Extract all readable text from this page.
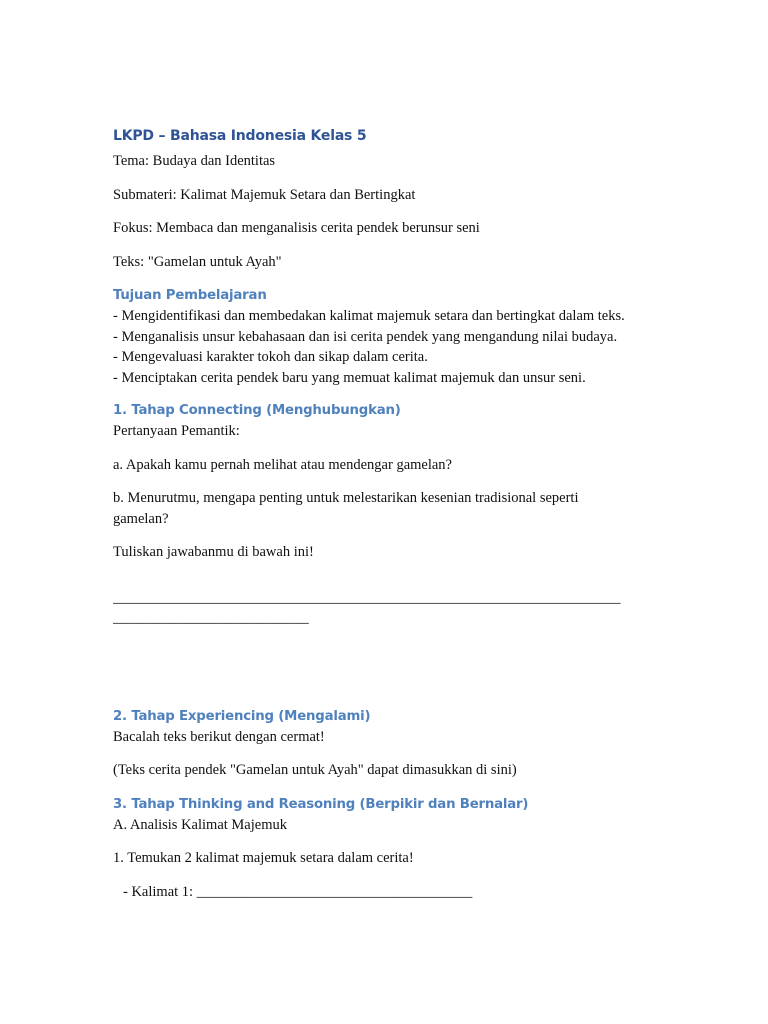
LKPD – Bahasa Indonesia Kelas 5

Tema: Budaya dan Identitas

Submateri: Kalimat Majemuk Setara dan Bertingkat

Fokus: Membaca dan menganalisis cerita pendek berunsur seni

Teks: "Gamelan untuk Ayah"

Tujuan Pembelajaran

- Mengidentifikasi dan membedakan kalimat majemuk setara dan bertingkat dalam teks.

- Menganalisis unsur kebahasaan dan isi cerita pendek yang mengandung nilai budaya.

- Mengevaluasi karakter tokoh dan sikap dalam cerita.

- Menciptakan cerita pendek baru yang memuat kalimat majemuk dan unsur seni.

1. Tahap Connecting (Menghubungkan)

Pertanyaan Pemantik:

a. Apakah kamu pernah melihat atau mendengar gamelan?

b. Menurutmu, mengapa penting untuk melestarikan kesenian tradisional seperti gamelan?

Tuliskan jawabanmu di bawah ini!

______________________________________________________________________

___________________________

2. Tahap Experiencing (Mengalami)

Bacalah teks berikut dengan cermat!

(Teks cerita pendek "Gamelan untuk Ayah" dapat dimasukkan di sini)

3. Tahap Thinking and Reasoning (Berpikir dan Bernalar)

A. Analisis Kalimat Majemuk

1. Temukan 2 kalimat majemuk setara dalam cerita!

- Kalimat 1: ______________________________________
